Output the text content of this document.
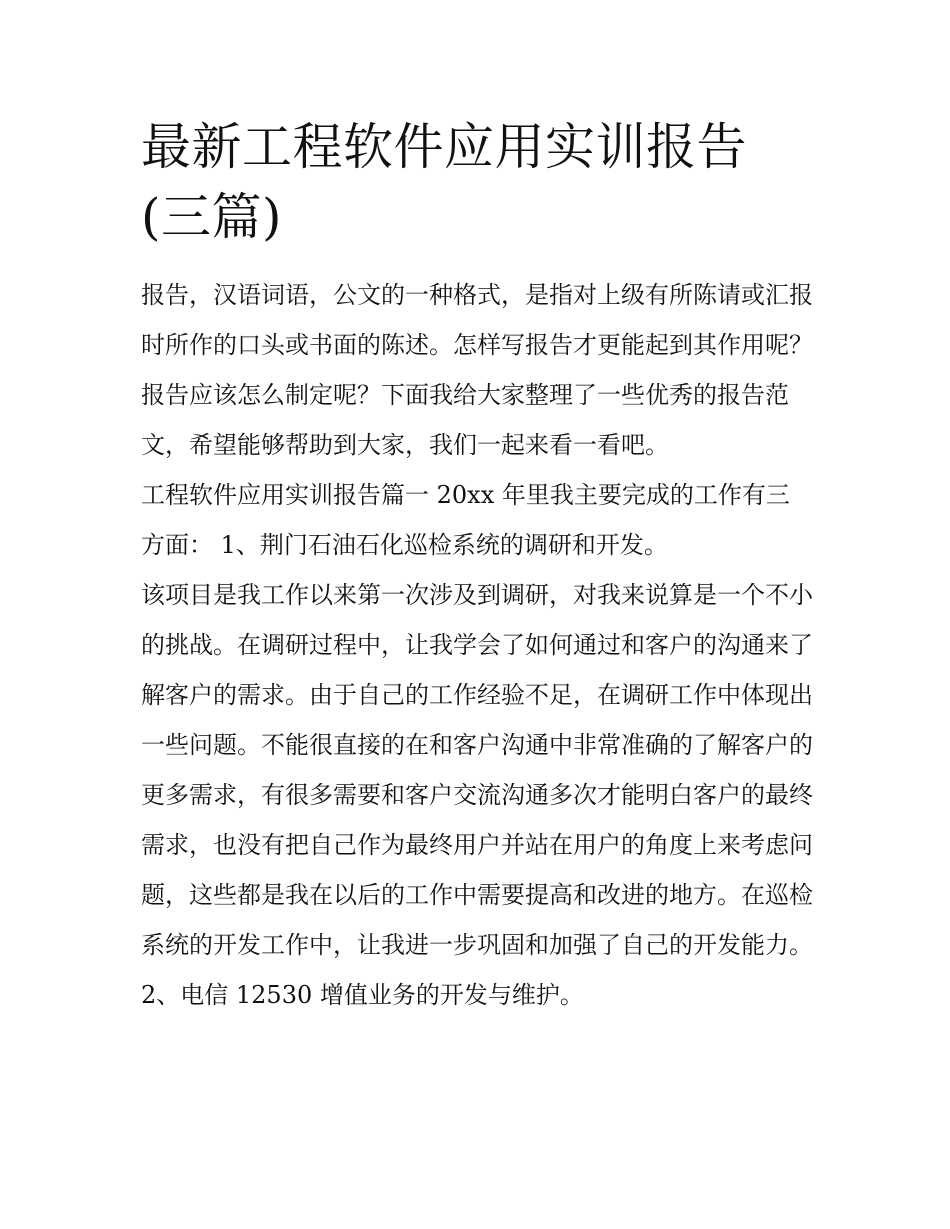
最新工程软件应用实训报告(三篇)

报告，汉语词语，公文的一种格式，是指对上级有所陈请或汇报时所作的口头或书面的陈述。怎样写报告才更能起到其作用呢？报告应该怎么制定呢？下面我给大家整理了一些优秀的报告范文，希望能够帮助到大家，我们一起来看一看吧。

工程软件应用实训报告篇一 20xx 年里我主要完成的工作有三方面： 1、荆门石油石化巡检系统的调研和开发。

该项目是我工作以来第一次涉及到调研，对我来说算是一个不小的挑战。在调研过程中，让我学会了如何通过和客户的沟通来了解客户的需求。由于自己的工作经验不足，在调研工作中体现出一些问题。不能很直接的在和客户沟通中非常准确的了解客户的更多需求，有很多需要和客户交流沟通多次才能明白客户的最终需求，也没有把自己作为最终用户并站在用户的角度上来考虑问题，这些都是我在以后的工作中需要提高和改进的地方。在巡检系统的开发工作中，让我进一步巩固和加强了自己的开发能力。

2、电信 12530 增值业务的开发与维护。
